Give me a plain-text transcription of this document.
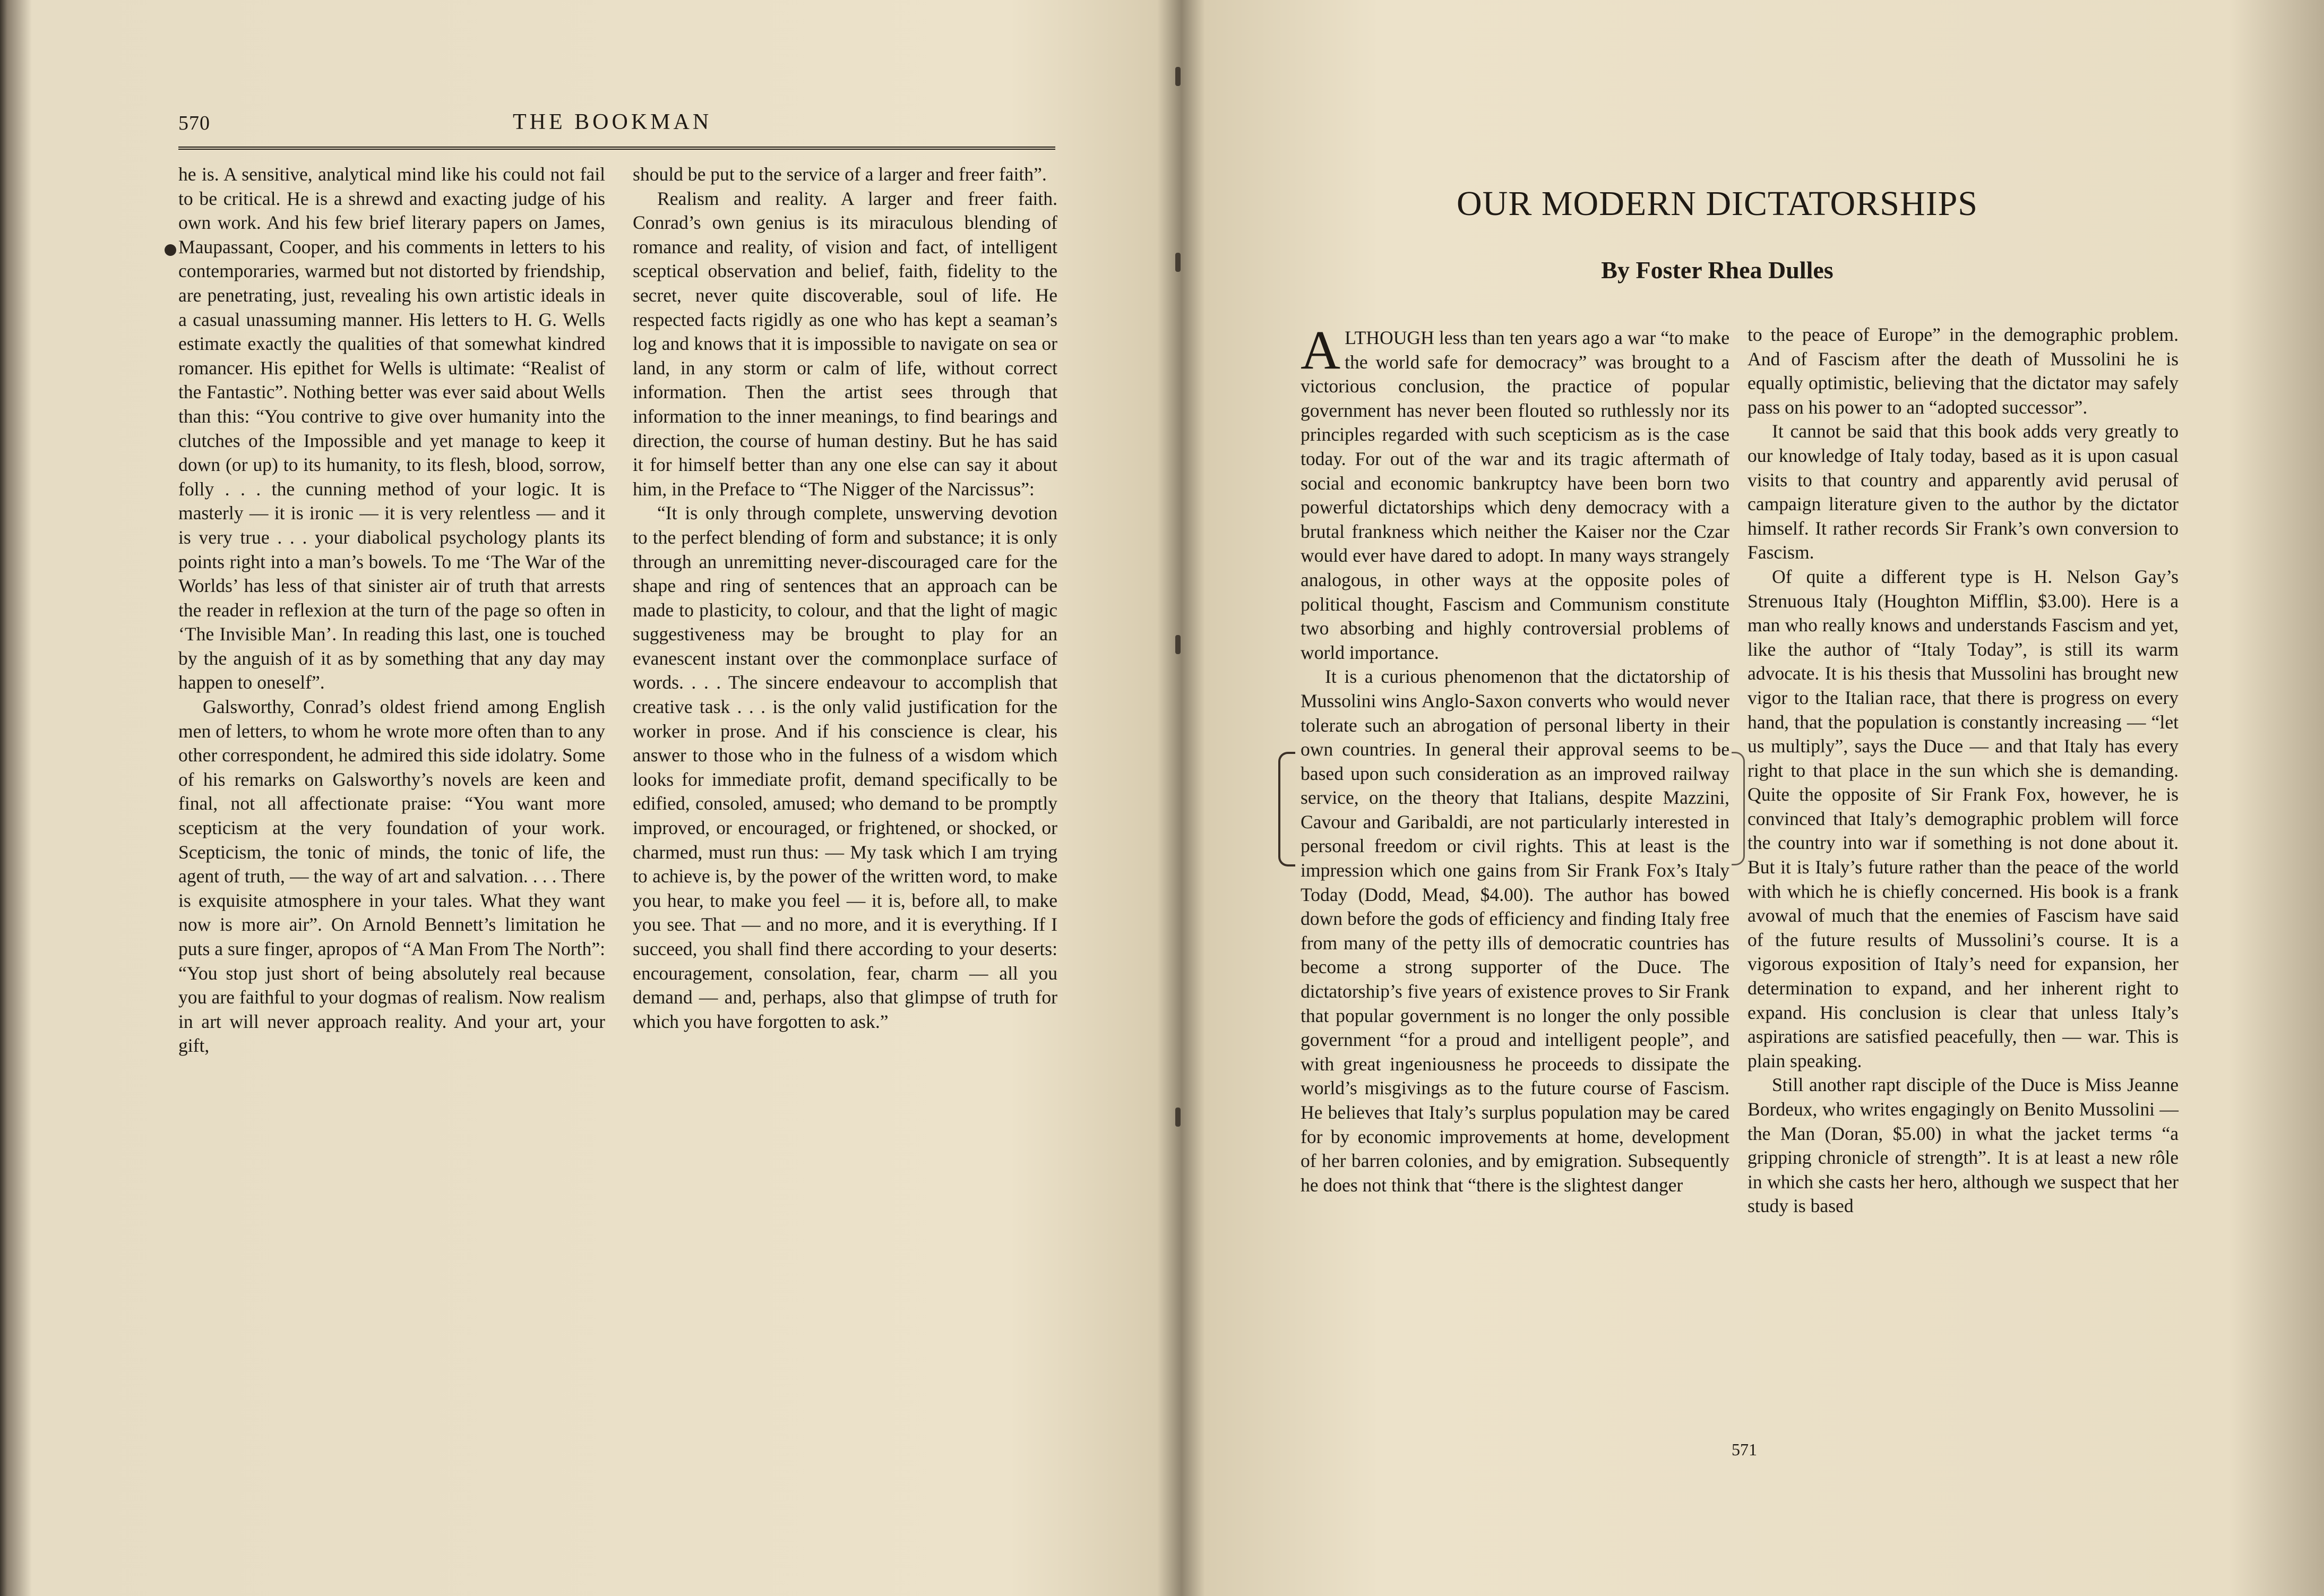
570	THE BOOKMAN

he is. A sensitive, analytical mind like his could not fail to be critical. He is a shrewd and exacting judge of his own work. And his few brief literary papers on James, Maupassant, Cooper, and his comments in letters to his contemporaries, warmed but not distorted by friendship, are penetrating, just, revealing his own artistic ideals in a casual unassuming manner. His letters to H. G. Wells estimate exactly the qualities of that somewhat kindred romancer. His epithet for Wells is ultimate: “Realist of the Fantastic”. Nothing better was ever said about Wells than this: “You contrive to give over humanity into the clutches of the Impossible and yet manage to keep it down (or up) to its humanity, to its flesh, blood, sorrow, folly . . . the cunning method of your logic. It is masterly — it is ironic — it is very relentless — and it is very true . . . your diabolical psychology plants its points right into a man’s bowels. To me ‘The War of the Worlds’ has less of that sinister air of truth that arrests the reader in reflexion at the turn of the page so often in ‘The Invisible Man’. In reading this last, one is touched by the anguish of it as by something that any day may happen to oneself”.

Galsworthy, Conrad’s oldest friend among English men of letters, to whom he wrote more often than to any other correspondent, he admired this side idolatry. Some of his remarks on Galsworthy’s novels are keen and final, not all affectionate praise: “You want more scepticism at the very foundation of your work. Scepticism, the tonic of minds, the tonic of life, the agent of truth, — the way of art and salvation. . . . There is exquisite atmosphere in your tales. What they want now is more air”. On Arnold Bennett’s limitation he puts a sure finger, apropos of “A Man From The North”: “You stop just short of being absolutely real because you are faithful to your dogmas of realism. Now realism in art will never approach reality. And your art, your gift,

should be put to the service of a larger and freer faith”.

Realism and reality. A larger and freer faith. Conrad’s own genius is its miraculous blending of romance and reality, of vision and fact, of intelligent sceptical observation and belief, faith, fidelity to the secret, never quite discoverable, soul of life. He respected facts rigidly as one who has kept a seaman’s log and knows that it is impossible to navigate on sea or land, in any storm or calm of life, without correct information. Then the artist sees through that information to the inner meanings, to find bearings and direction, the course of human destiny. But he has said it for himself better than any one else can say it about him, in the Preface to “The Nigger of the Narcissus”:

“It is only through complete, unswerving devotion to the perfect blending of form and substance; it is only through an unremitting never-discouraged care for the shape and ring of sentences that an approach can be made to plasticity, to colour, and that the light of magic suggestiveness may be brought to play for an evanescent instant over the commonplace surface of words. . . . The sincere endeavour to accomplish that creative task . . . is the only valid justification for the worker in prose. And if his conscience is clear, his answer to those who in the fulness of a wisdom which looks for immediate profit, demand specifically to be edified, consoled, amused; who demand to be promptly improved, or encouraged, or frightened, or shocked, or charmed, must run thus: — My task which I am trying to achieve is, by the power of the written word, to make you hear, to make you feel — it is, before all, to make you see. That — and no more, and it is everything. If I succeed, you shall find there according to your deserts: encouragement, consolation, fear, charm — all you demand — and, perhaps, also that glimpse of truth for which you have forgotten to ask.”

OUR MODERN DICTATORSHIPS
By Foster Rhea Dulles

ALTHOUGH less than ten years ago a war “to make the world safe for democracy” was brought to a victorious conclusion, the practice of popular government has never been flouted so ruthlessly nor its principles regarded with such scepticism as is the case today. For out of the war and its tragic aftermath of social and economic bankruptcy have been born two powerful dictatorships which deny democracy with a brutal frankness which neither the Kaiser nor the Czar would ever have dared to adopt. In many ways strangely analogous, in other ways at the opposite poles of political thought, Fascism and Communism constitute two absorbing and highly controversial problems of world importance.

It is a curious phenomenon that the dictatorship of Mussolini wins Anglo-Saxon converts who would never tolerate such an abrogation of personal liberty in their own countries. In general their approval seems to be based upon such consideration as an improved railway service, on the theory that Italians, despite Mazzini, Cavour and Garibaldi, are not particularly interested in personal freedom or civil rights. This at least is the impression which one gains from Sir Frank Fox’s Italy Today (Dodd, Mead, $4.00). The author has bowed down before the gods of efficiency and finding Italy free from many of the petty ills of democratic countries has become a strong supporter of the Duce. The dictatorship’s five years of existence proves to Sir Frank that popular government is no longer the only possible government “for a proud and intelligent people”, and with great ingeniousness he proceeds to dissipate the world’s misgivings as to the future course of Fascism. He believes that Italy’s surplus population may be cared for by economic improvements at home, development of her barren colonies, and by emigration. Subsequently he does not think that “there is the slightest danger

to the peace of Europe” in the demographic problem. And of Fascism after the death of Mussolini he is equally optimistic, believing that the dictator may safely pass on his power to an “adopted successor”.

It cannot be said that this book adds very greatly to our knowledge of Italy today, based as it is upon casual visits to that country and apparently avid perusal of campaign literature given to the author by the dictator himself. It rather records Sir Frank’s own conversion to Fascism.

Of quite a different type is H. Nelson Gay’s Strenuous Italy (Houghton Mifflin, $3.00). Here is a man who really knows and understands Fascism and yet, like the author of “Italy Today”, is still its warm advocate. It is his thesis that Mussolini has brought new vigor to the Italian race, that there is progress on every hand, that the population is constantly increasing — “let us multiply”, says the Duce — and that Italy has every right to that place in the sun which she is demanding. Quite the opposite of Sir Frank Fox, however, he is convinced that Italy’s demographic problem will force the country into war if something is not done about it. But it is Italy’s future rather than the peace of the world with which he is chiefly concerned. His book is a frank avowal of much that the enemies of Fascism have said of the future results of Mussolini’s course. It is a vigorous exposition of Italy’s need for expansion, her determination to expand, and her inherent right to expand. His conclusion is clear that unless Italy’s aspirations are satisfied peacefully, then — war. This is plain speaking.

Still another rapt disciple of the Duce is Miss Jeanne Bordeux, who writes engagingly on Benito Mussolini — the Man (Doran, $5.00) in what the jacket terms “a gripping chronicle of strength”. It is at least a new rôle in which she casts her hero, although we suspect that her study is based

571
